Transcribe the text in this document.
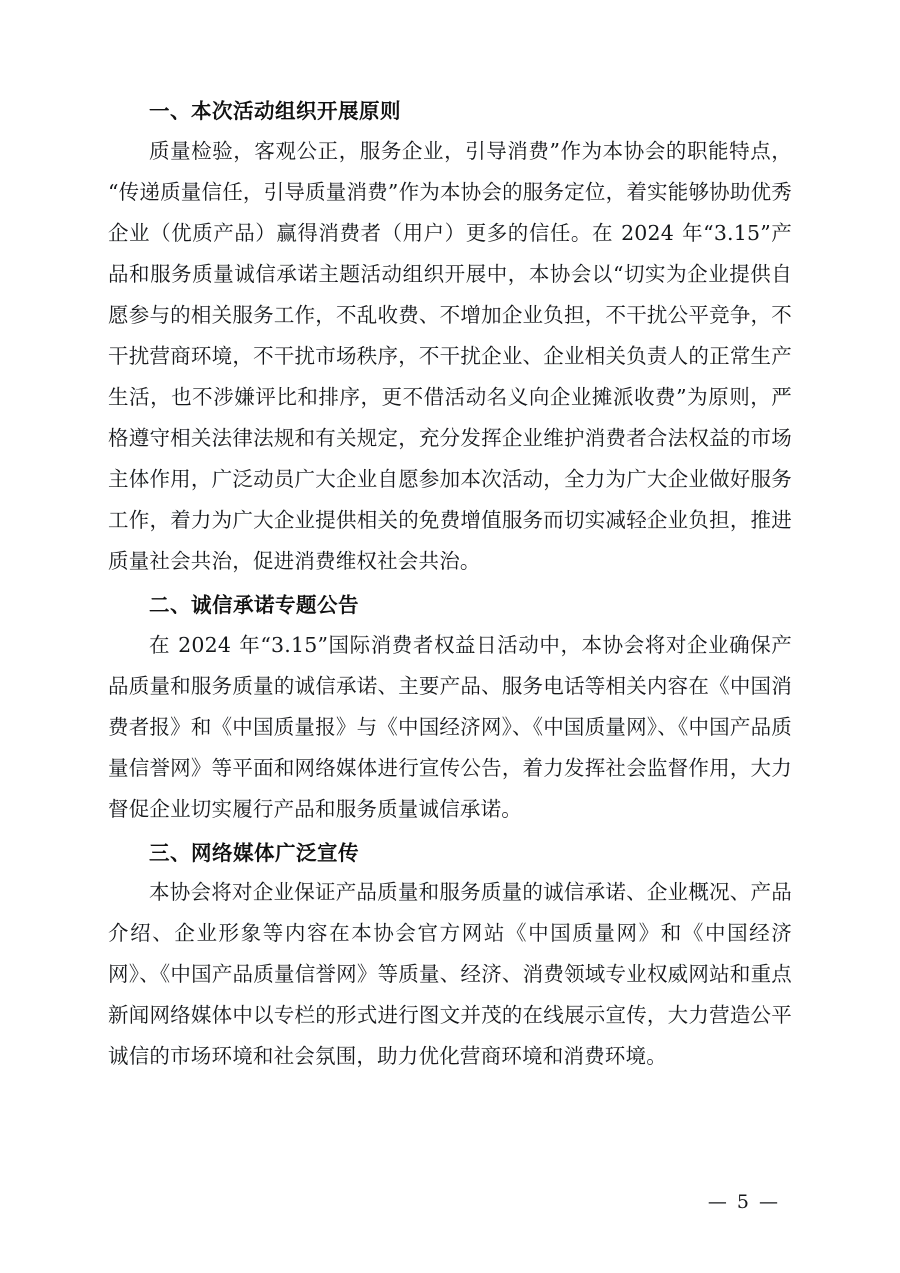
一、本次活动组织开展原则

质量检验，客观公正，服务企业，引导消费”作为本协会的职能特点，“传递质量信任，引导质量消费”作为本协会的服务定位，着实能够协助优秀企业（优质产品）赢得消费者（用户）更多的信任。在 2024 年“3.15”产品和服务质量诚信承诺主题活动组织开展中，本协会以“切实为企业提供自愿参与的相关服务工作，不乱收费、不增加企业负担，不干扰公平竞争，不干扰营商环境，不干扰市场秩序，不干扰企业、企业相关负责人的正常生产生活，也不涉嫌评比和排序，更不借活动名义向企业摊派收费”为原则，严格遵守相关法律法规和有关规定，充分发挥企业维护消费者合法权益的市场主体作用，广泛动员广大企业自愿参加本次活动，全力为广大企业做好服务工作，着力为广大企业提供相关的免费增值服务而切实减轻企业负担，推进质量社会共治，促进消费维权社会共治。

二、诚信承诺专题公告

在 2024 年“3.15”国际消费者权益日活动中，本协会将对企业确保产品质量和服务质量的诚信承诺、主要产品、服务电话等相关内容在《中国消费者报》和《中国质量报》与《中国经济网》、《中国质量网》、《中国产品质量信誉网》等平面和网络媒体进行宣传公告，着力发挥社会监督作用，大力督促企业切实履行产品和服务质量诚信承诺。

三、网络媒体广泛宣传

本协会将对企业保证产品质量和服务质量的诚信承诺、企业概况、产品介绍、企业形象等内容在本协会官方网站《中国质量网》和《中国经济网》、《中国产品质量信誉网》等质量、经济、消费领域专业权威网站和重点新闻网络媒体中以专栏的形式进行图文并茂的在线展示宣传，大力营造公平诚信的市场环境和社会氛围，助力优化营商环境和消费环境。

— 5 —
